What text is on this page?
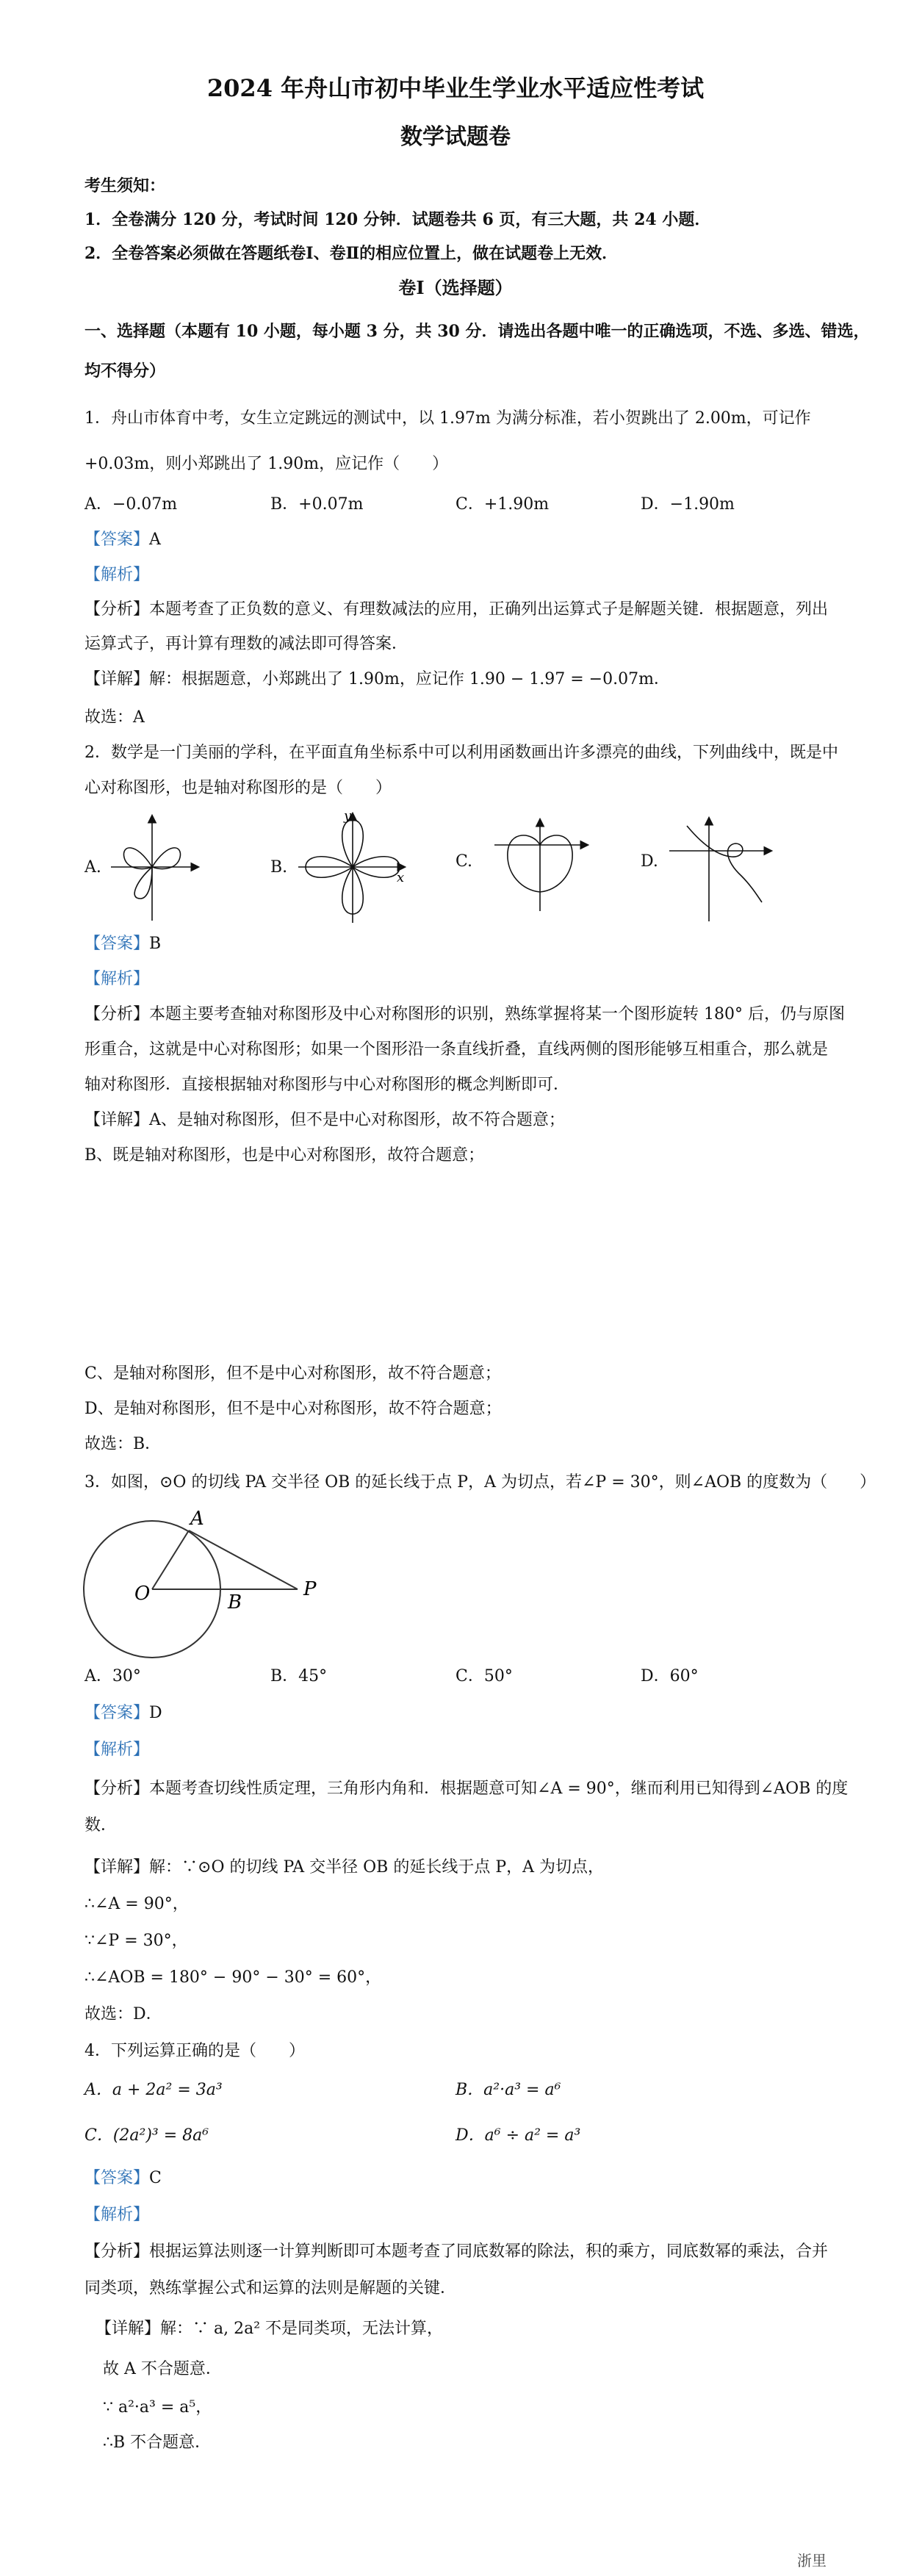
2024 年舟山市初中毕业生学业水平适应性考试
数学试题卷
考生须知：
1．全卷满分 120 分，考试时间 120 分钟．试题卷共 6 页，有三大题，共 24 小题．
2．全卷答案必须做在答题纸卷Ⅰ、卷Ⅱ的相应位置上，做在试题卷上无效．
卷Ⅰ（选择题）
一、选择题（本题有 10 小题，每小题 3 分，共 30 分．请选出各题中唯一的正确选项，不选、多选、错选，
均不得分）
1．舟山市体育中考，女生立定跳远的测试中，以 1.97m 为满分标准，若小贺跳出了 2.00m，可记作
+0.03m，则小郑跳出了 1.90m，应记作（　　）
A．−0.07m	B．+0.07m	C．+1.90m	D．−1.90m
【答案】A
【解析】
【分析】本题考查了正负数的意义、有理数减法的应用，正确列出运算式子是解题关键．根据题意，列出
运算式子，再计算有理数的减法即可得答案．
【详解】解：根据题意，小郑跳出了 1.90m，应记作 1.90 − 1.97 = −0.07m．
故选：A
2．数学是一门美丽的学科，在平面直角坐标系中可以利用函数画出许多漂亮的曲线，下列曲线中，既是中
心对称图形，也是轴对称图形的是（　　）
A.	B.
y
x
C.	D.
【答案】B
【解析】
【分析】本题主要考查轴对称图形及中心对称图形的识别，熟练掌握将某一个图形旋转 180° 后，仍与原图
形重合，这就是中心对称图形；如果一个图形沿一条直线折叠，直线两侧的图形能够互相重合，那么就是
轴对称图形．直接根据轴对称图形与中心对称图形的概念判断即可．
【详解】A、是轴对称图形，但不是中心对称图形，故不符合题意；
B、既是轴对称图形，也是中心对称图形，故符合题意；
C、是轴对称图形，但不是中心对称图形，故不符合题意；
D、是轴对称图形，但不是中心对称图形，故不符合题意；
故选：B．
3．如图，⊙O 的切线 PA 交半径 OB 的延长线于点 P，A 为切点，若∠P = 30°，则∠AOB 的度数为（　　）
A
O	B
P
A．30°	B．45°	C．50°	D．60°
【答案】D
【解析】
【分析】本题考查切线性质定理，三角形内角和．根据题意可知∠A = 90°，继而利用已知得到∠AOB 的度
数．
【详解】解：∵⊙O 的切线 PA 交半径 OB 的延长线于点 P，A 为切点，
∴∠A = 90°，
∵∠P = 30°，
∴∠AOB = 180° − 90° − 30° = 60°，
故选：D．
4．下列运算正确的是（　　）
A．a + 2a² = 3a³	B．a²·a³ = a⁶
C．(2a²)³ = 8a⁶	D．a⁶ ÷ a² = a³
【答案】C
【解析】
【分析】根据运算法则逐一计算判断即可本题考查了同底数幂的除法，积的乘方，同底数幂的乘法，合并
同类项，熟练掌握公式和运算的法则是解题的关键．
【详解】解：∵ a, 2a² 不是同类项，无法计算，
故 A 不合题意．
∵ a²·a³ = a⁵，
∴B 不合题意．
浙里
